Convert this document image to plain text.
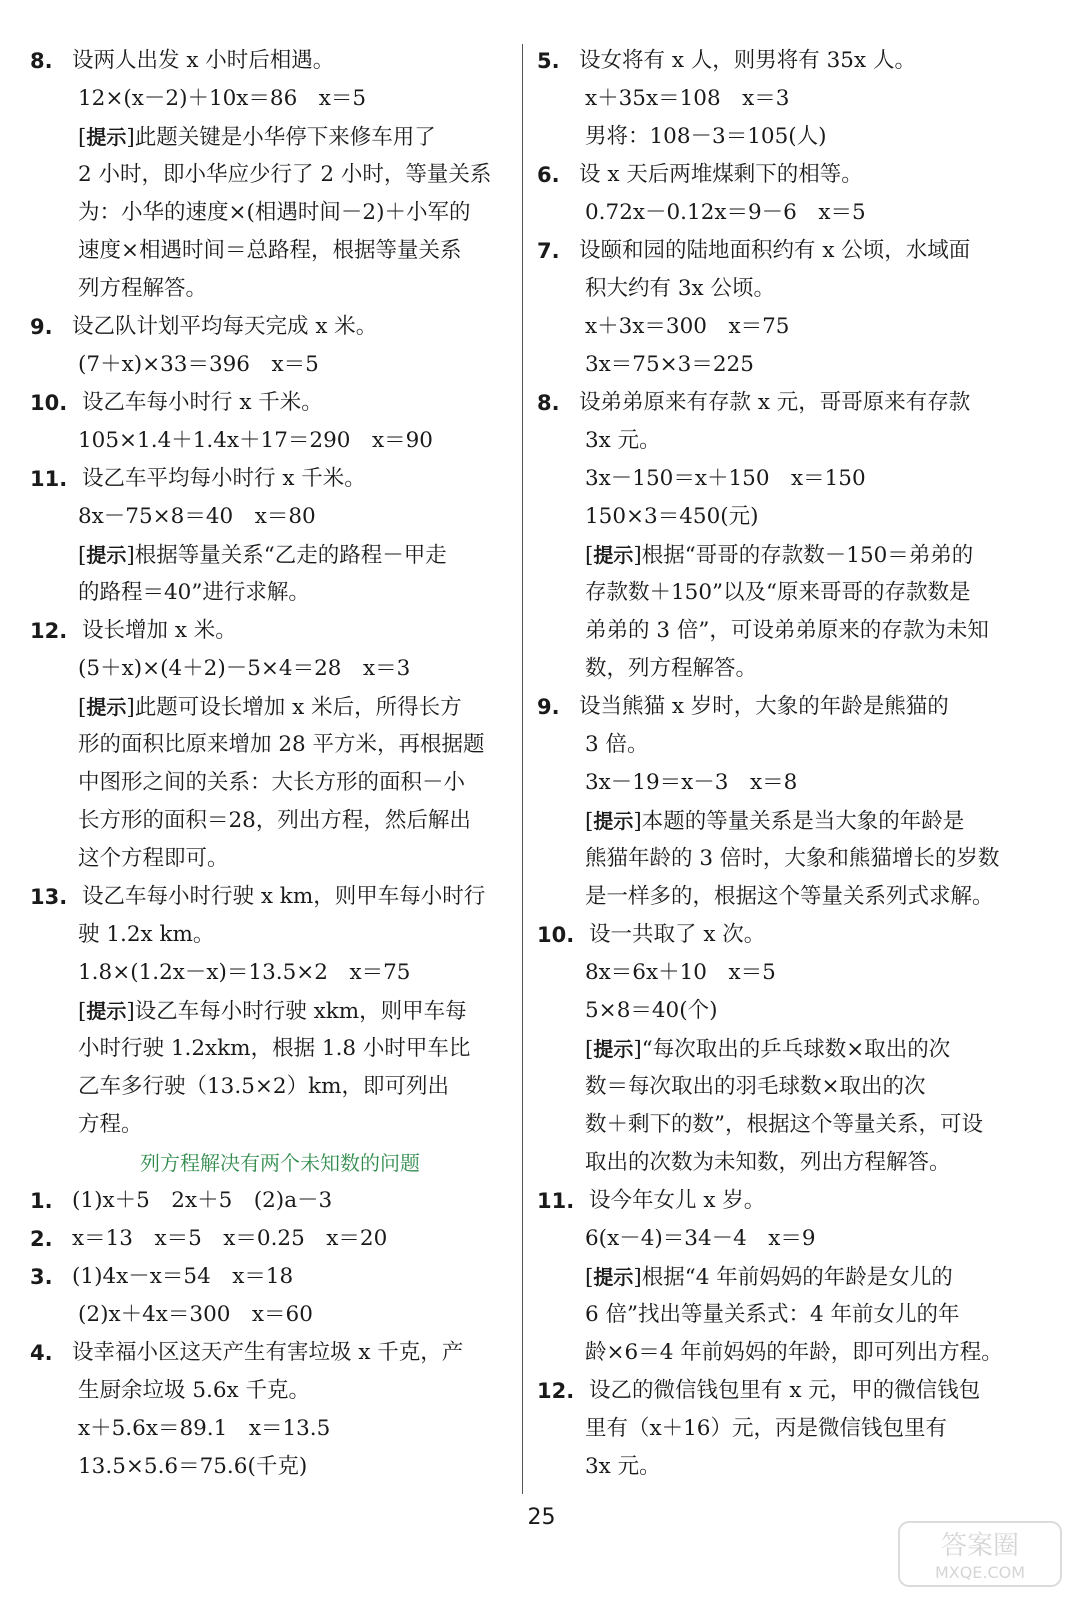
8. 设两人出发 x 小时后相遇。
12×(x－2)＋10x＝86　x＝5
[提示]此题关键是小华停下来修车用了
2 小时，即小华应少行了 2 小时，等量关系
为：小华的速度×(相遇时间－2)＋小军的
速度×相遇时间＝总路程，根据等量关系
列方程解答。
9. 设乙队计划平均每天完成 x 米。
(7＋x)×33＝396　x＝5
10. 设乙车每小时行 x 千米。
105×1.4＋1.4x＋17＝290　x＝90
11. 设乙车平均每小时行 x 千米。
8x－75×8＝40　x＝80
[提示]根据等量关系“乙走的路程－甲走
的路程＝40”进行求解。
12. 设长增加 x 米。
(5＋x)×(4＋2)－5×4＝28　x＝3
[提示]此题可设长增加 x 米后，所得长方
形的面积比原来增加 28 平方米，再根据题
中图形之间的关系：大长方形的面积－小
长方形的面积＝28，列出方程，然后解出
这个方程即可。
13. 设乙车每小时行驶 x km，则甲车每小时行
驶 1.2x km。
1.8×(1.2x－x)＝13.5×2　x＝75
[提示]设乙车每小时行驶 xkm，则甲车每
小时行驶 1.2xkm，根据 1.8 小时甲车比
乙车多行驶（13.5×2）km，即可列出
方程。
列方程解决有两个未知数的问题
1. (1)x＋5　2x＋5　(2)a－3
2. x＝13　x＝5　x＝0.25　x＝20
3. (1)4x－x＝54　x＝18
(2)x＋4x＝300　x＝60
4. 设幸福小区这天产生有害垃圾 x 千克，产
生厨余垃圾 5.6x 千克。
x＋5.6x＝89.1　x＝13.5
13.5×5.6＝75.6(千克)
5. 设女将有 x 人，则男将有 35x 人。
x＋35x＝108　x＝3
男将：108－3＝105(人)
6. 设 x 天后两堆煤剩下的相等。
0.72x－0.12x＝9－6　x＝5
7. 设颐和园的陆地面积约有 x 公顷，水域面
积大约有 3x 公顷。
x＋3x＝300　x＝75
3x＝75×3＝225
8. 设弟弟原来有存款 x 元，哥哥原来有存款
3x 元。
3x－150＝x＋150　x＝150
150×3＝450(元)
[提示]根据“哥哥的存款数－150＝弟弟的
存款数＋150”以及“原来哥哥的存款数是
弟弟的 3 倍”，可设弟弟原来的存款为未知
数，列方程解答。
9. 设当熊猫 x 岁时，大象的年龄是熊猫的
3 倍。
3x－19＝x－3　x＝8
[提示]本题的等量关系是当大象的年龄是
熊猫年龄的 3 倍时，大象和熊猫增长的岁数
是一样多的，根据这个等量关系列式求解。
10. 设一共取了 x 次。
8x＝6x＋10　x＝5
5×8＝40(个)
[提示]“每次取出的乒乓球数×取出的次
数＝每次取出的羽毛球数×取出的次
数＋剩下的数”，根据这个等量关系，可设
取出的次数为未知数，列出方程解答。
11. 设今年女儿 x 岁。
6(x－4)＝34－4　x＝9
[提示]根据“4 年前妈妈的年龄是女儿的
6 倍”找出等量关系式：4 年前女儿的年
龄×6＝4 年前妈妈的年龄，即可列出方程。
12. 设乙的微信钱包里有 x 元，甲的微信钱包
里有（x＋16）元，丙是微信钱包里有
3x 元。
25
答案圈
MXQE.COM
